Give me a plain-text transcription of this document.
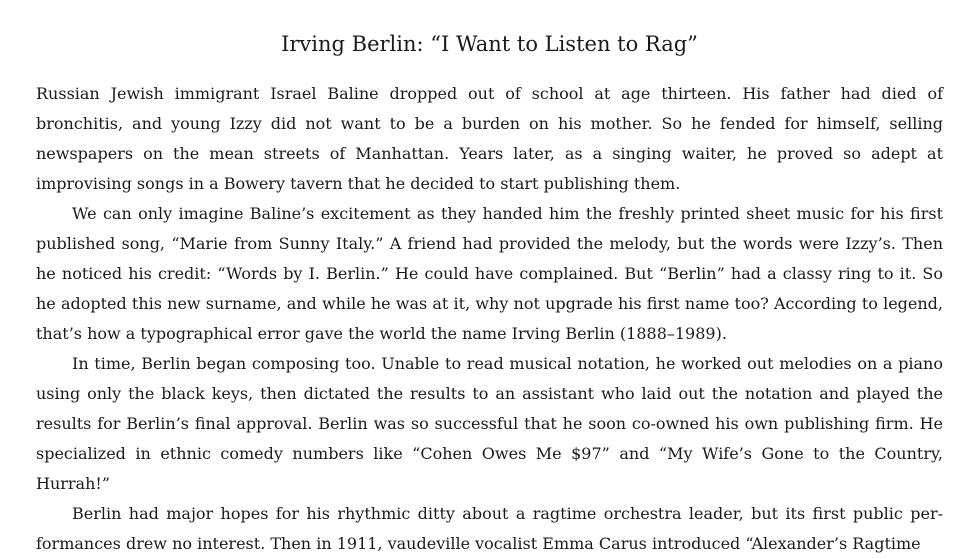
Irving Berlin: “I Want to Listen to Rag”

Russian Jewish immigrant Israel Baline dropped out of school at age thirteen. His father had died of bronchitis, and young Izzy did not want to be a burden on his mother. So he fended for himself, selling newspapers on the mean streets of Manhattan. Years later, as a singing waiter, he proved so adept at improvising songs in a Bowery tavern that he decided to start publishing them.

We can only imagine Baline’s excitement as they handed him the freshly printed sheet music for his first published song, “Marie from Sunny Italy.” A friend had provided the melody, but the words were Izzy’s. Then he noticed his credit: “Words by I. Berlin.” He could have complained. But “Berlin” had a classy ring to it. So he adopted this new surname, and while he was at it, why not upgrade his first name too? According to legend, that’s how a typographical error gave the world the name Irving Berlin (1888–1989).

In time, Berlin began composing too. Unable to read musical notation, he worked out melodies on a piano using only the black keys, then dictated the results to an assistant who laid out the notation and played the results for Berlin’s final approval. Berlin was so successful that he soon co-owned his own publishing firm. He specialized in ethnic comedy numbers like “Cohen Owes Me $97” and “My Wife’s Gone to the Country, Hurrah!”

Berlin had major hopes for his rhythmic ditty about a ragtime orchestra leader, but its first public performances drew no interest. Then in 1911, vaudeville vocalist Emma Carus introduced “Alexander’s Ragtime
